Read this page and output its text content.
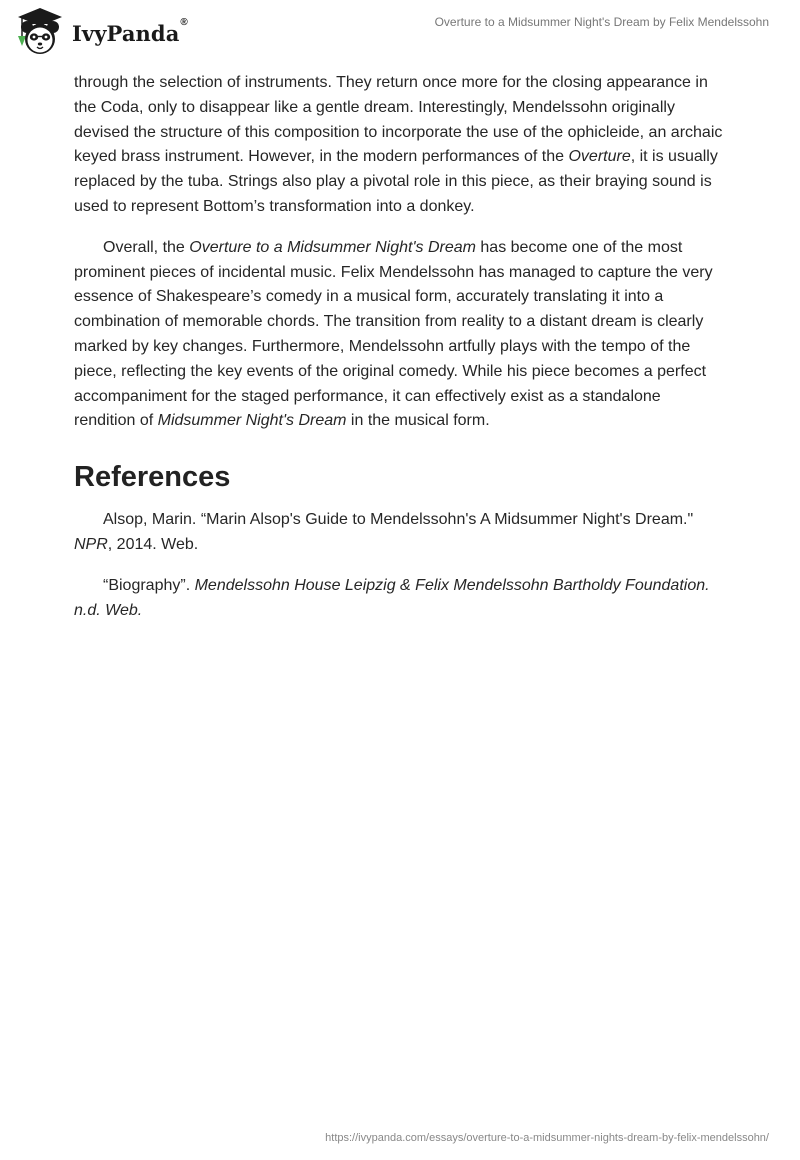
IvyPanda®	Overture to a Midsummer Night's Dream by Felix Mendelssohn

through the selection of instruments. They return once more for the closing appearance in the Coda, only to disappear like a gentle dream. Interestingly, Mendelssohn originally devised the structure of this composition to incorporate the use of the ophicleide, an archaic keyed brass instrument. However, in the modern performances of the Overture, it is usually replaced by the tuba. Strings also play a pivotal role in this piece, as their braying sound is used to represent Bottom’s transformation into a donkey.

Overall, the Overture to a Midsummer Night's Dream has become one of the most prominent pieces of incidental music. Felix Mendelssohn has managed to capture the very essence of Shakespeare’s comedy in a musical form, accurately translating it into a combination of memorable chords. The transition from reality to a distant dream is clearly marked by key changes. Furthermore, Mendelssohn artfully plays with the tempo of the piece, reflecting the key events of the original comedy. While his piece becomes a perfect accompaniment for the staged performance, it can effectively exist as a standalone rendition of Midsummer Night's Dream in the musical form.

References

Alsop, Marin. “Marin Alsop's Guide to Mendelssohn's A Midsummer Night's Dream." NPR, 2014. Web.

“Biography”. Mendelssohn House Leipzig & Felix Mendelssohn Bartholdy Foundation. n.d. Web.

https://ivypanda.com/essays/overture-to-a-midsummer-nights-dream-by-felix-mendelssohn/
